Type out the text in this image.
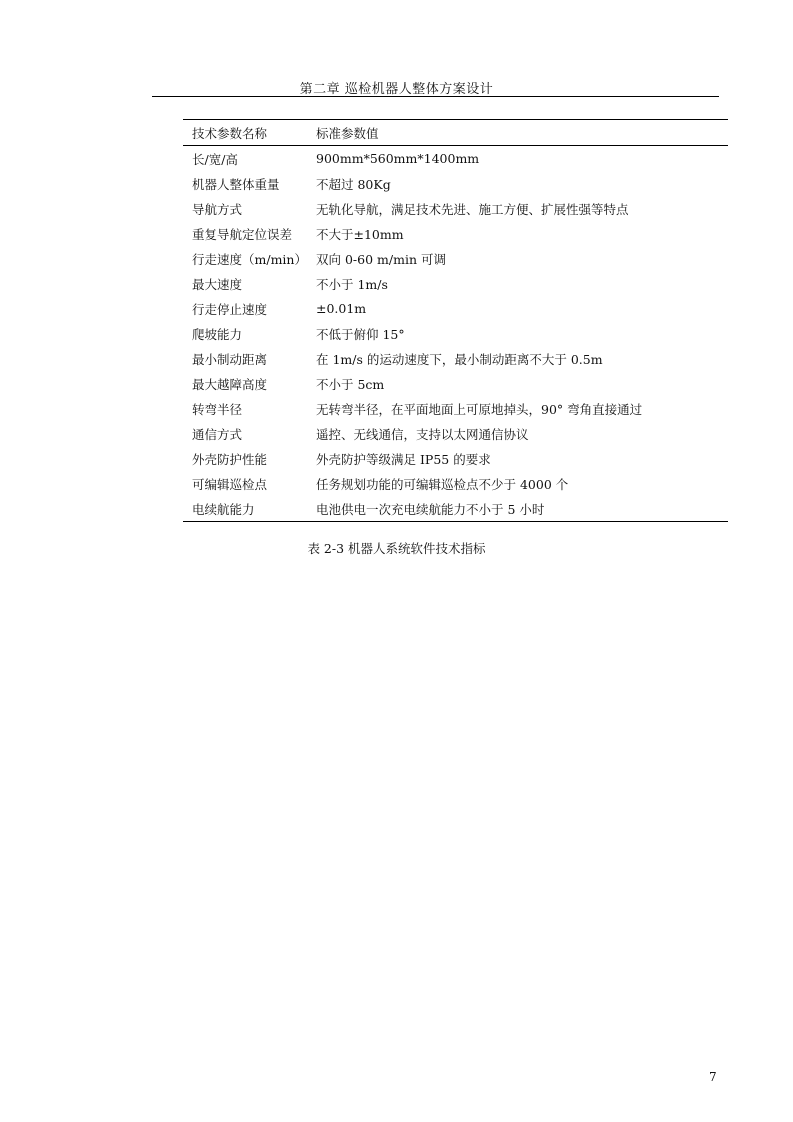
第二章 巡检机器人整体方案设计
技术参数名称	标准参数值
长/宽/高	900mm*560mm*1400mm
机器人整体重量	不超过 80Kg
导航方式	无轨化导航，满足技术先进、施工方便、扩展性强等特点
重复导航定位误差	不大于±10mm
行走速度（m/min）	双向 0-60 m/min 可调
最大速度	不小于 1m/s
行走停止速度	±0.01m
爬坡能力	不低于俯仰 15°
最小制动距离	在 1m/s 的运动速度下，最小制动距离不大于 0.5m
最大越障高度	不小于 5cm
转弯半径	无转弯半径，在平面地面上可原地掉头，90° 弯角直接通过
通信方式	遥控、无线通信，支持以太网通信协议
外壳防护性能	外壳防护等级满足 IP55 的要求
可编辑巡检点	任务规划功能的可编辑巡检点不少于 4000 个
电续航能力	电池供电一次充电续航能力不小于 5 小时
表 2-3 机器人系统软件技术指标
7
